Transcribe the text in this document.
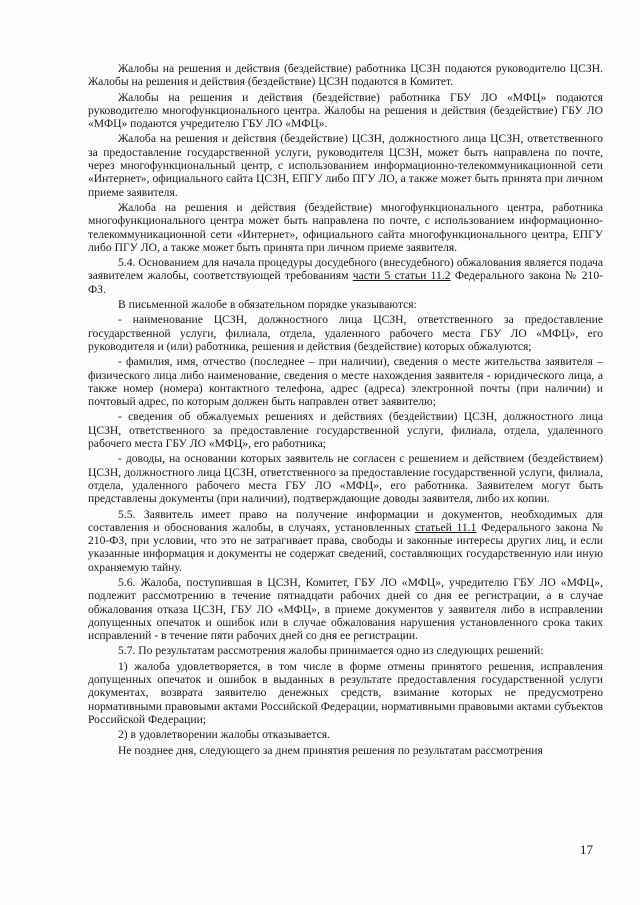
Жалобы на решения и действия (бездействие) работника ЦСЗН подаются руководителю ЦСЗН. Жалобы на решения и действия (бездействие) ЦСЗН подаются в Комитет.

Жалобы на решения и действия (бездействие) работника ГБУ ЛО «МФЦ» подаются руководителю многофункционального центра. Жалобы на решения и действия (бездействие) ГБУ ЛО «МФЦ» подаются учредителю ГБУ ЛО «МФЦ».

Жалоба на решения и действия (бездействие) ЦСЗН, должностного лица ЦСЗН, ответственного за предоставление государственной услуги, руководителя ЦСЗН, может быть направлена по почте, через многофункциональный центр, с использованием информационно-телекоммуникационной сети «Интернет», официального сайта ЦСЗН, ЕПГУ либо ПГУ ЛО, а также может быть принята при личном приеме заявителя.

Жалоба на решения и действия (бездействие) многофункционального центра, работника многофункционального центра может быть направлена по почте, с использованием информационно-телекоммуникационной сети «Интернет», официального сайта многофункционального центра, ЕПГУ либо ПГУ ЛО, а также может быть принята при личном приеме заявителя.

5.4. Основанием для начала процедуры досудебного (внесудебного) обжалования является подача заявителем жалобы, соответствующей требованиям части 5 статьи 11.2 Федерального закона № 210-ФЗ.

В письменной жалобе в обязательном порядке указываются:

- наименование ЦСЗН, должностного лица ЦСЗН, ответственного за предоставление государственной услуги, филиала, отдела, удаленного рабочего места ГБУ ЛО «МФЦ», его руководителя и (или) работника, решения и действия (бездействие) которых обжалуются;

- фамилия, имя, отчество (последнее – при наличии), сведения о месте жительства заявителя – физического лица либо наименование, сведения о месте нахождения заявителя - юридического лица, а также номер (номера) контактного телефона, адрес (адреса) электронной почты (при наличии) и почтовый адрес, по которым должен быть направлен ответ заявителю;

- сведения об обжалуемых решениях и действиях (бездействии) ЦСЗН, должностного лица ЦСЗН, ответственного за предоставление государственной услуги, филиала, отдела, удаленного рабочего места ГБУ ЛО «МФЦ», его работника;

- доводы, на основании которых заявитель не согласен с решением и действием (бездействием) ЦСЗН, должностного лица ЦСЗН, ответственного за предоставление государственной услуги, филиала, отдела, удаленного рабочего места ГБУ ЛО «МФЦ», его работника. Заявителем могут быть представлены документы (при наличии), подтверждающие доводы заявителя, либо их копии.

5.5. Заявитель имеет право на получение информации и документов, необходимых для составления и обоснования жалобы, в случаях, установленных статьей 11.1 Федерального закона № 210-ФЗ, при условии, что это не затрагивает права, свободы и законные интересы других лиц, и если указанные информация и документы не содержат сведений, составляющих государственную или иную охраняемую тайну.

5.6. Жалоба, поступившая в ЦСЗН, Комитет, ГБУ ЛО «МФЦ», учредителю ГБУ ЛО «МФЦ», подлежит рассмотрению в течение пятнадцати рабочих дней со дня ее регистрации, а в случае обжалования отказа ЦСЗН, ГБУ ЛО «МФЦ», в приеме документов у заявителя либо в исправлении допущенных опечаток и ошибок или в случае обжалования нарушения установленного срока таких исправлений - в течение пяти рабочих дней со дня ее регистрации.

5.7. По результатам рассмотрения жалобы принимается одно из следующих решений:

1) жалоба удовлетворяется, в том числе в форме отмены принятого решения, исправления допущенных опечаток и ошибок в выданных в результате предоставления государственной услуги документах, возврата заявителю денежных средств, взимание которых не предусмотрено нормативными правовыми актами Российской Федерации, нормативными правовыми актами субъектов Российской Федерации;

2) в удовлетворении жалобы отказывается.

Не позднее дня, следующего за днем принятия решения по результатам рассмотрения

17
